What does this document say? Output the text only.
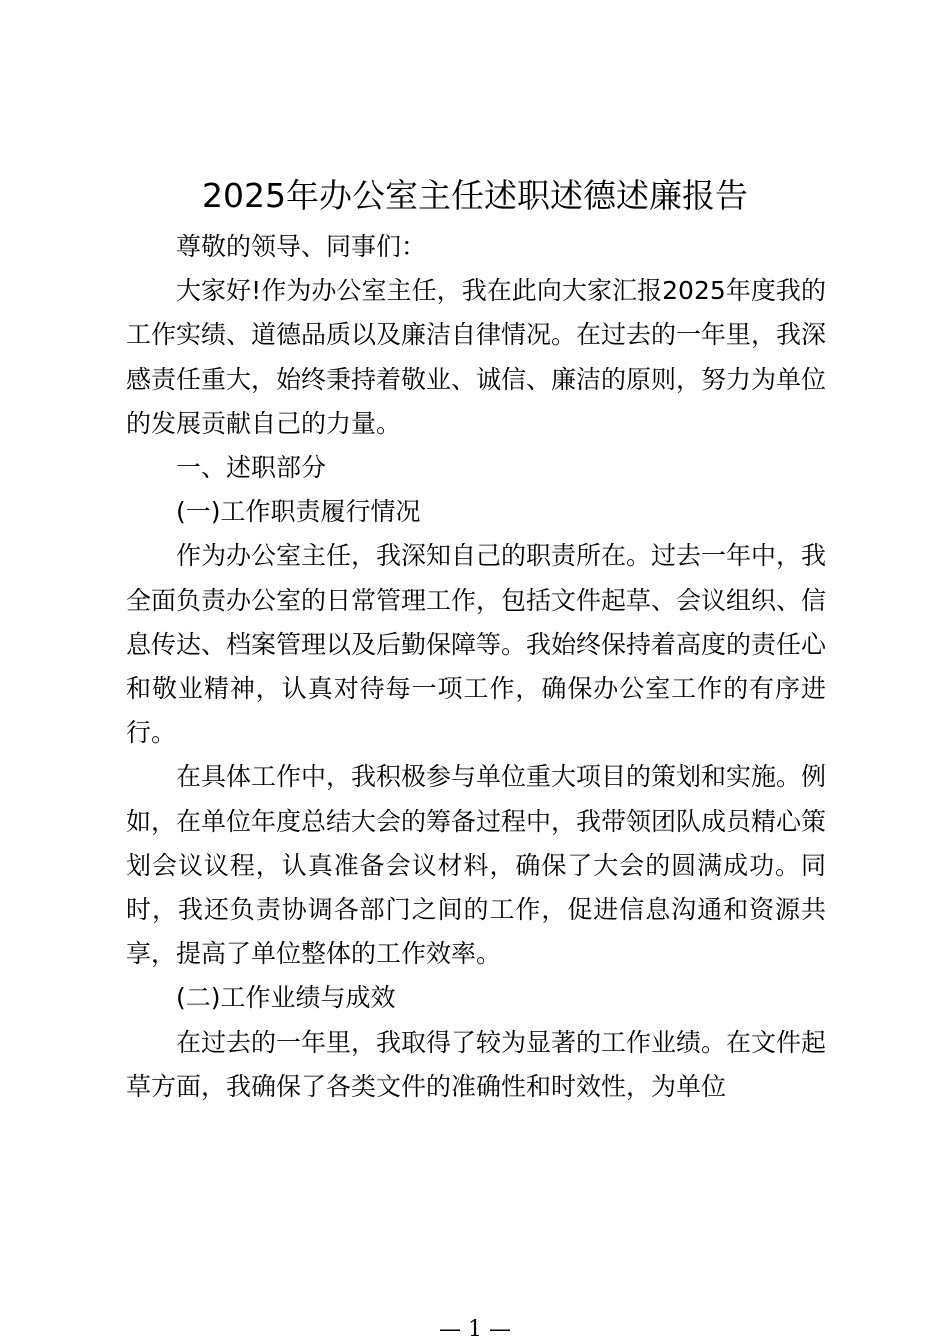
2025年办公室主任述职述德述廉报告

尊敬的领导、同事们：

大家好!作为办公室主任，我在此向大家汇报2025年度我的工作实绩、道德品质以及廉洁自律情况。在过去的一年里，我深感责任重大，始终秉持着敬业、诚信、廉洁的原则，努力为单位的发展贡献自己的力量。

一、述职部分

(一)工作职责履行情况

作为办公室主任，我深知自己的职责所在。过去一年中，我全面负责办公室的日常管理工作，包括文件起草、会议组织、信息传达、档案管理以及后勤保障等。我始终保持着高度的责任心和敬业精神，认真对待每一项工作，确保办公室工作的有序进行。

在具体工作中，我积极参与单位重大项目的策划和实施。例如，在单位年度总结大会的筹备过程中，我带领团队成员精心策划会议议程，认真准备会议材料，确保了大会的圆满成功。同时，我还负责协调各部门之间的工作，促进信息沟通和资源共享，提高了单位整体的工作效率。

(二)工作业绩与成效

在过去的一年里，我取得了较为显著的工作业绩。在文件起草方面，我确保了各类文件的准确性和时效性，为单位

— 1 —
